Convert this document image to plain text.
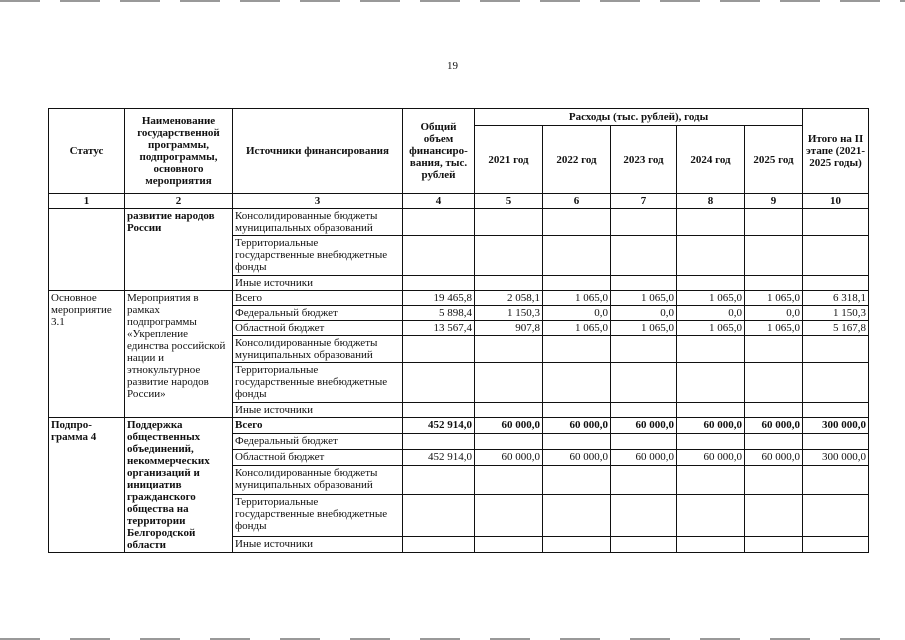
19
Статус	Наименование государственной программы, подпрограммы, основного мероприятия	Источники финансирования	Общий объем финансиро-вания, тыс. рублей	Расходы (тыс. рублей), годы					Итого на II этапе (2021-2025 годы)
				2021 год	2022 год	2023 год	2024 год	2025 год	
1	2	3	4	5	6	7	8	9	10
	развитие народов России	Консолидированные бюджеты муниципальных образований							
		Территориальные государственные внебюджетные фонды							
		Иные источники							
Основное мероприятие 3.1	Мероприятия в рамках подпрограммы «Укрепление единства российской нации и этнокультурное развитие народов России»	Всего	19 465,8	2 058,1	1 065,0	1 065,0	1 065,0	1 065,0	6 318,1
		Федеральный бюджет	5 898,4	1 150,3	0,0	0,0	0,0	0,0	1 150,3
		Областной бюджет	13 567,4	907,8	1 065,0	1 065,0	1 065,0	1 065,0	5 167,8
		Консолидированные бюджеты муниципальных образований							
		Территориальные государственные внебюджетные фонды							
		Иные источники							
Подпро-грамма 4	Поддержка общественных объединений, некоммерческих организаций и инициатив гражданского общества на территории Белгородской области	Всего	452 914,0	60 000,0	60 000,0	60 000,0	60 000,0	60 000,0	300 000,0
		Федеральный бюджет							
		Областной бюджет	452 914,0	60 000,0	60 000,0	60 000,0	60 000,0	60 000,0	300 000,0
		Консолидированные бюджеты муниципальных образований							
		Территориальные государственные внебюджетные фонды							
		Иные источники							
